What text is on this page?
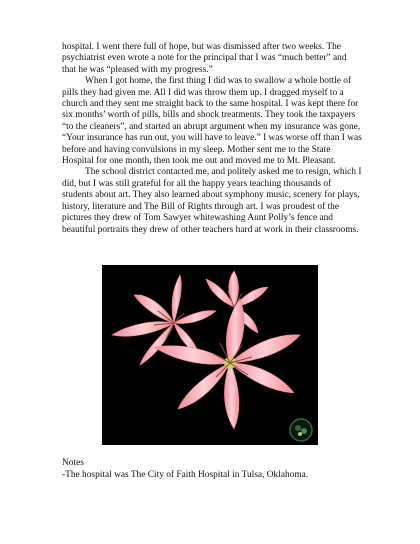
hospital. I went there full of hope, but was dismissed after two weeks. The psychiatrist even wrote a note for the principal that I was “much better” and that he was “pleased with my progress.”

When I got home, the first thing I did was to swallow a whole bottle of pills they had given me. All I did was throw them up. I dragged myself to a church and they sent me straight back to the same hospital. I was kept there for six months’ worth of pills, bills and shock treatments. They took the taxpayers “to the cleaners”, and started an abrupt argument when my insurance was gone, “Your insurance has run out, you will have to leave.” I was worse off than I was before and having convulsions in my sleep. Mother sent me to the State Hospital for one month, then took me out and moved me to Mt. Pleasant.

The school district contacted me, and politely asked me to resign, which I did, but I was still grateful for all the happy years teaching thousands of students about art. They also learned about symphony music, scenery for plays, history, literature and The Bill of Rights through art. I was proudest of the pictures they drew of Tom Sawyer whitewashing Aunt Polly’s fence and beautiful portraits they drew of other teachers hard at work in their classrooms.

Notes

-The hospital was The City of Faith Hospital in Tulsa, Oklahoma.
